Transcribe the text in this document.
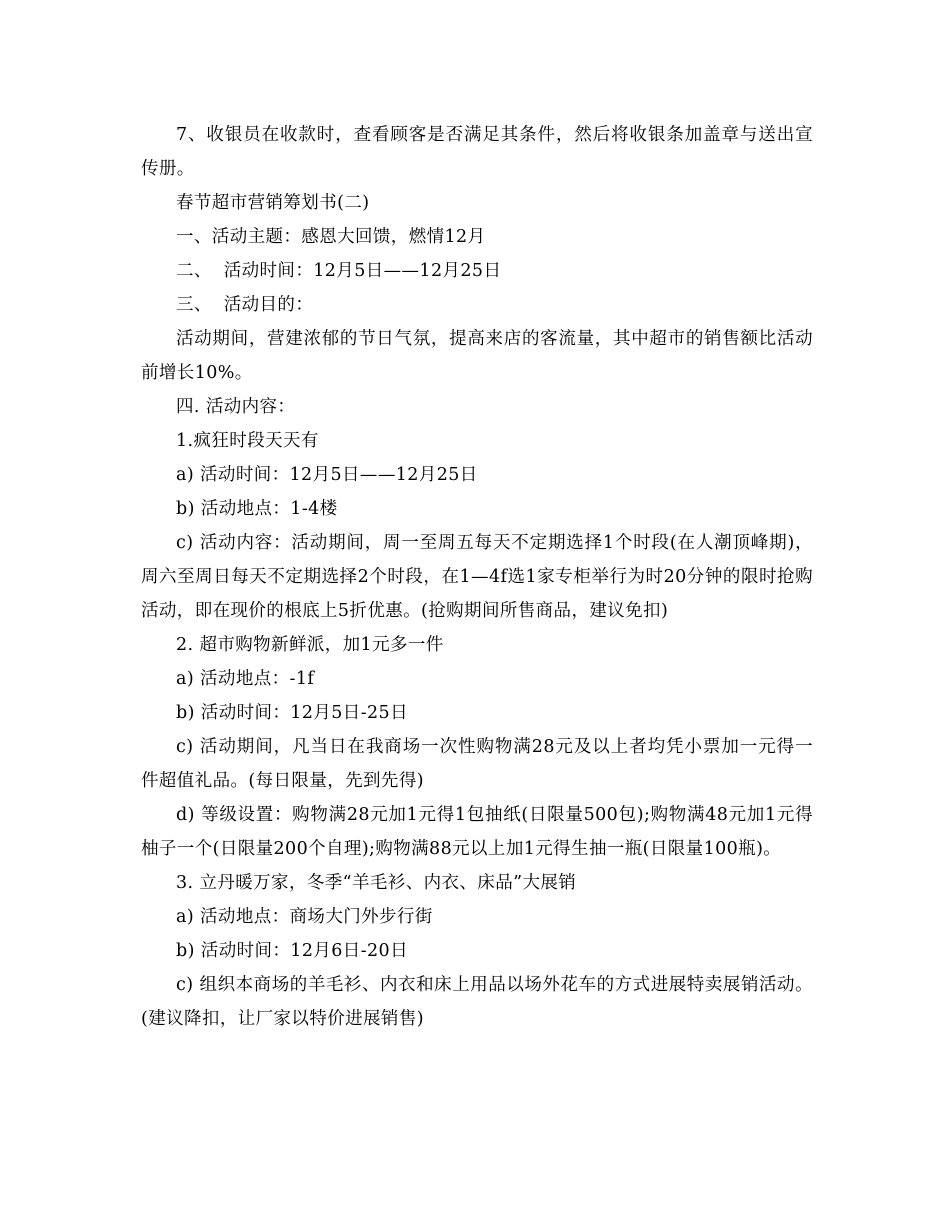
7、收银员在收款时，查看顾客是否满足其条件，然后将收银条加盖章与送出宣传册。

春节超市营销筹划书(二)

一、活动主题：感恩大回馈，燃情12月

二、  活动时间：12月5日——12月25日

三、  活动目的：

活动期间，营建浓郁的节日气氛，提高来店的客流量，其中超市的销售额比活动前增长10%。

四. 活动内容：

1.疯狂时段天天有

a) 活动时间：12月5日——12月25日

b) 活动地点：1-4楼

c) 活动内容：活动期间，周一至周五每天不定期选择1个时段(在人潮顶峰期)，周六至周日每天不定期选择2个时段，在1—4f选1家专柜举行为时20分钟的限时抢购活动，即在现价的根底上5折优惠。(抢购期间所售商品，建议免扣)

2. 超市购物新鲜派，加1元多一件

a) 活动地点：-1f

b) 活动时间：12月5日-25日

c) 活动期间，凡当日在我商场一次性购物满28元及以上者均凭小票加一元得一件超值礼品。(每日限量，先到先得)

d) 等级设置：购物满28元加1元得1包抽纸(日限量500包);购物满48元加1元得柚子一个(日限量200个自理);购物满88元以上加1元得生抽一瓶(日限量100瓶)。

3. 立丹暖万家，冬季“羊毛衫、内衣、床品”大展销

a) 活动地点：商场大门外步行街

b) 活动时间：12月6日-20日

c) 组织本商场的羊毛衫、内衣和床上用品以场外花车的方式进展特卖展销活动。(建议降扣，让厂家以特价进展销售)
